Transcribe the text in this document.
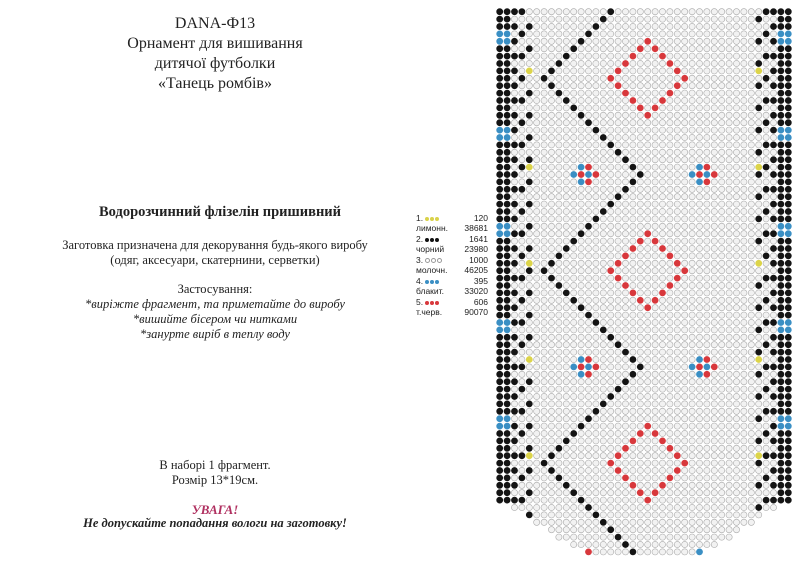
DANA-Ф13
Орнамент для вишивання
дитячої футболки
«Танець ромбів»
Водорозчинний флізелін пришивний
Заготовка призначена для декорування будь-якого виробу
(одяг, аксесуари, скатернини, серветки)
Застосування:
*виріжте фрагмент, та приметайте до виробу
*вишийте бісером чи нитками
*зануртe виріб в теплу воду
В наборі 1 фрагмент.
Розмір 13*19см.
УВАГА!
Не допускайте попадання вологи на заготовку!
1.	120
лимонн. 38681
2.	1641
чорний 23980
3.	1000
молочн. 46205
4.	395
блакит. 33020
5.	606
т.черв.	90070
